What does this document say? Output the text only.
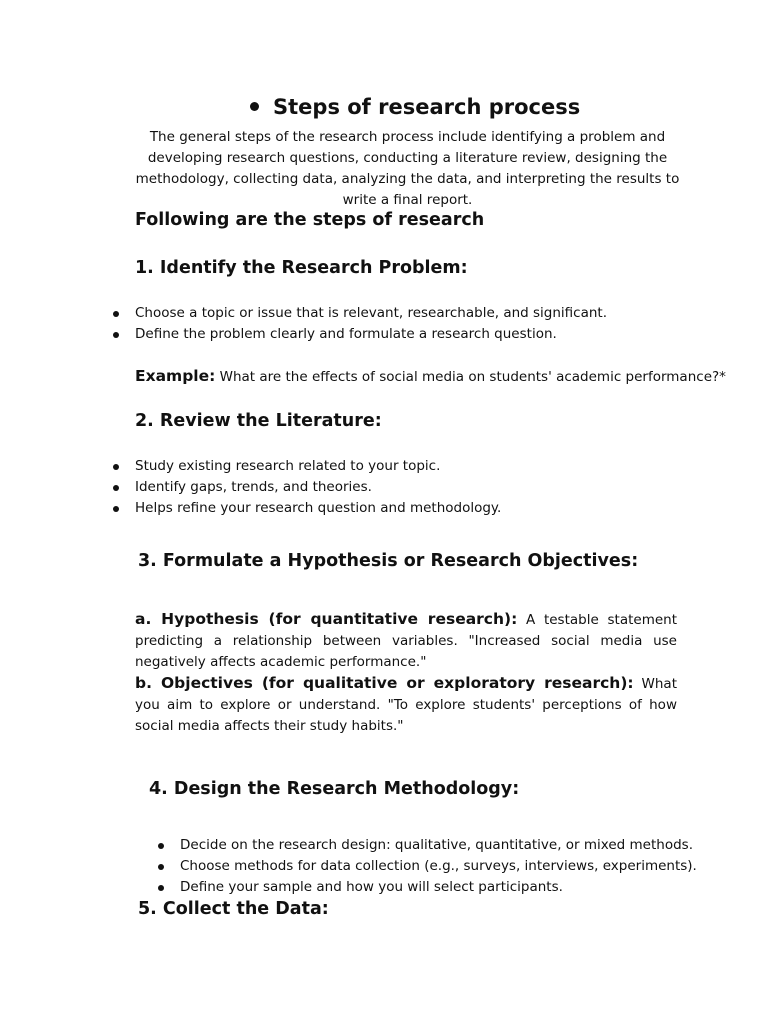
Steps of research process
The general steps of the research process include identifying a problem and developing research questions, conducting a literature review, designing the methodology, collecting data, analyzing the data, and interpreting the results to write a final report.
Following are the steps of research
1. Identify the Research Problem:
Choose a topic or issue that is relevant, researchable, and significant.
Define the problem clearly and formulate a research question.
Example: What are the effects of social media on students' academic performance?*
2. Review the Literature:
Study existing research related to your topic.
Identify gaps, trends, and theories.
Helps refine your research question and methodology.
3. Formulate a Hypothesis or Research Objectives:
a. Hypothesis (for quantitative research): A testable statement predicting a relationship between variables. "Increased social media use negatively affects academic performance."
b. Objectives (for qualitative or exploratory research): What you aim to explore or understand. "To explore students' perceptions of how social media affects their study habits."
4. Design the Research Methodology:
Decide on the research design: qualitative, quantitative, or mixed methods.
Choose methods for data collection (e.g., surveys, interviews, experiments).
Define your sample and how you will select participants.
5. Collect the Data:
